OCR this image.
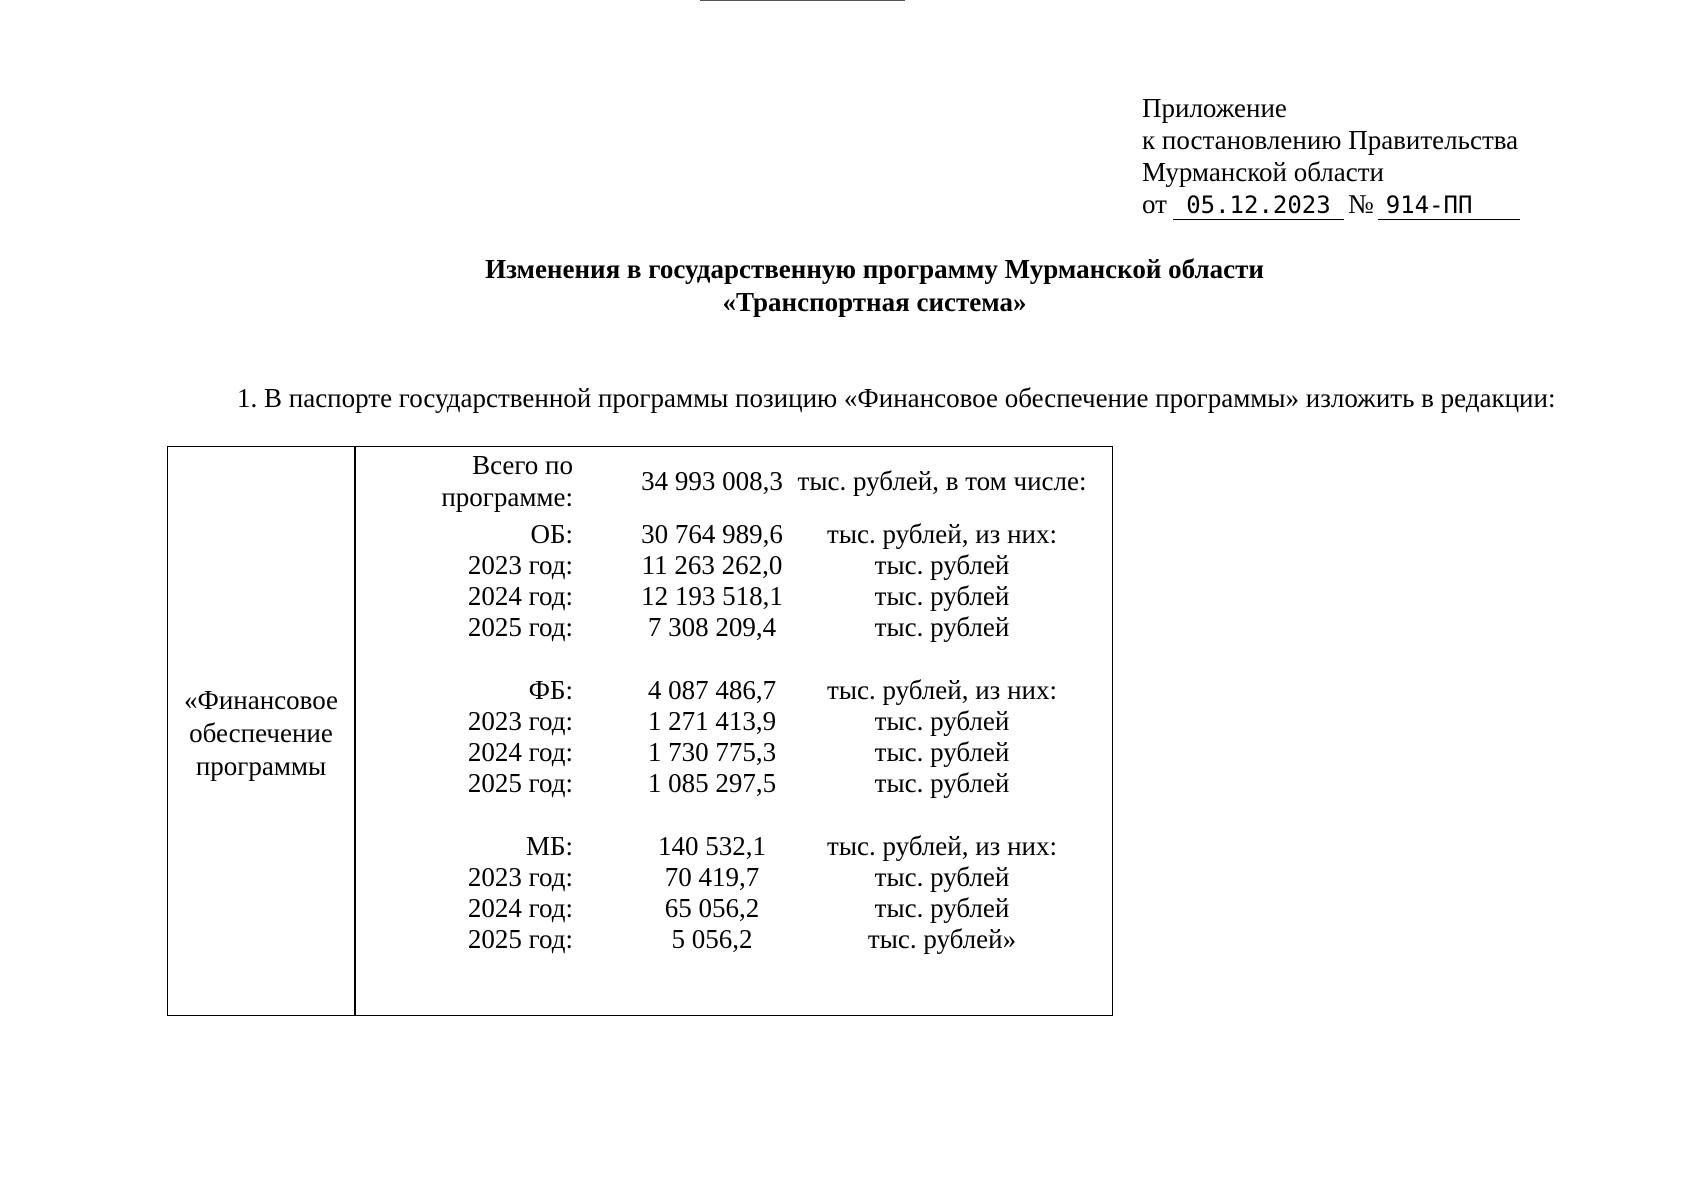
Приложение
к постановлению Правительства
Мурманской области
от 05.12.2023 № 914-ПП
Изменения в государственную программу Мурманской области
«Транспортная система»
1. В паспорте государственной программы позицию «Финансовое обеспечение программы» изложить в редакции:
«Финансовое
обеспечение
программы
Всего по
программе:
34 993 008,3 тыс. рублей, в том числе:
ОБ:	30 764 989,6 тыс. рублей, из них:
2023 год:	11 263 262,0	тыс. рублей
2024 год:	12 193 518,1	тыс. рублей
2025 год:	7 308 209,4	тыс. рублей
ФБ:	4 087 486,7 тыс. рублей, из них:
2023 год:	1 271 413,9	тыс. рублей
2024 год:	1 730 775,3	тыс. рублей
2025 год:	1 085 297,5	тыс. рублей
МБ:	140 532,1 тыс. рублей, из них:
2023 год:	70 419,7	тыс. рублей
2024 год:	65 056,2	тыс. рублей
2025 год:	5 056,2	тыс. рублей»
